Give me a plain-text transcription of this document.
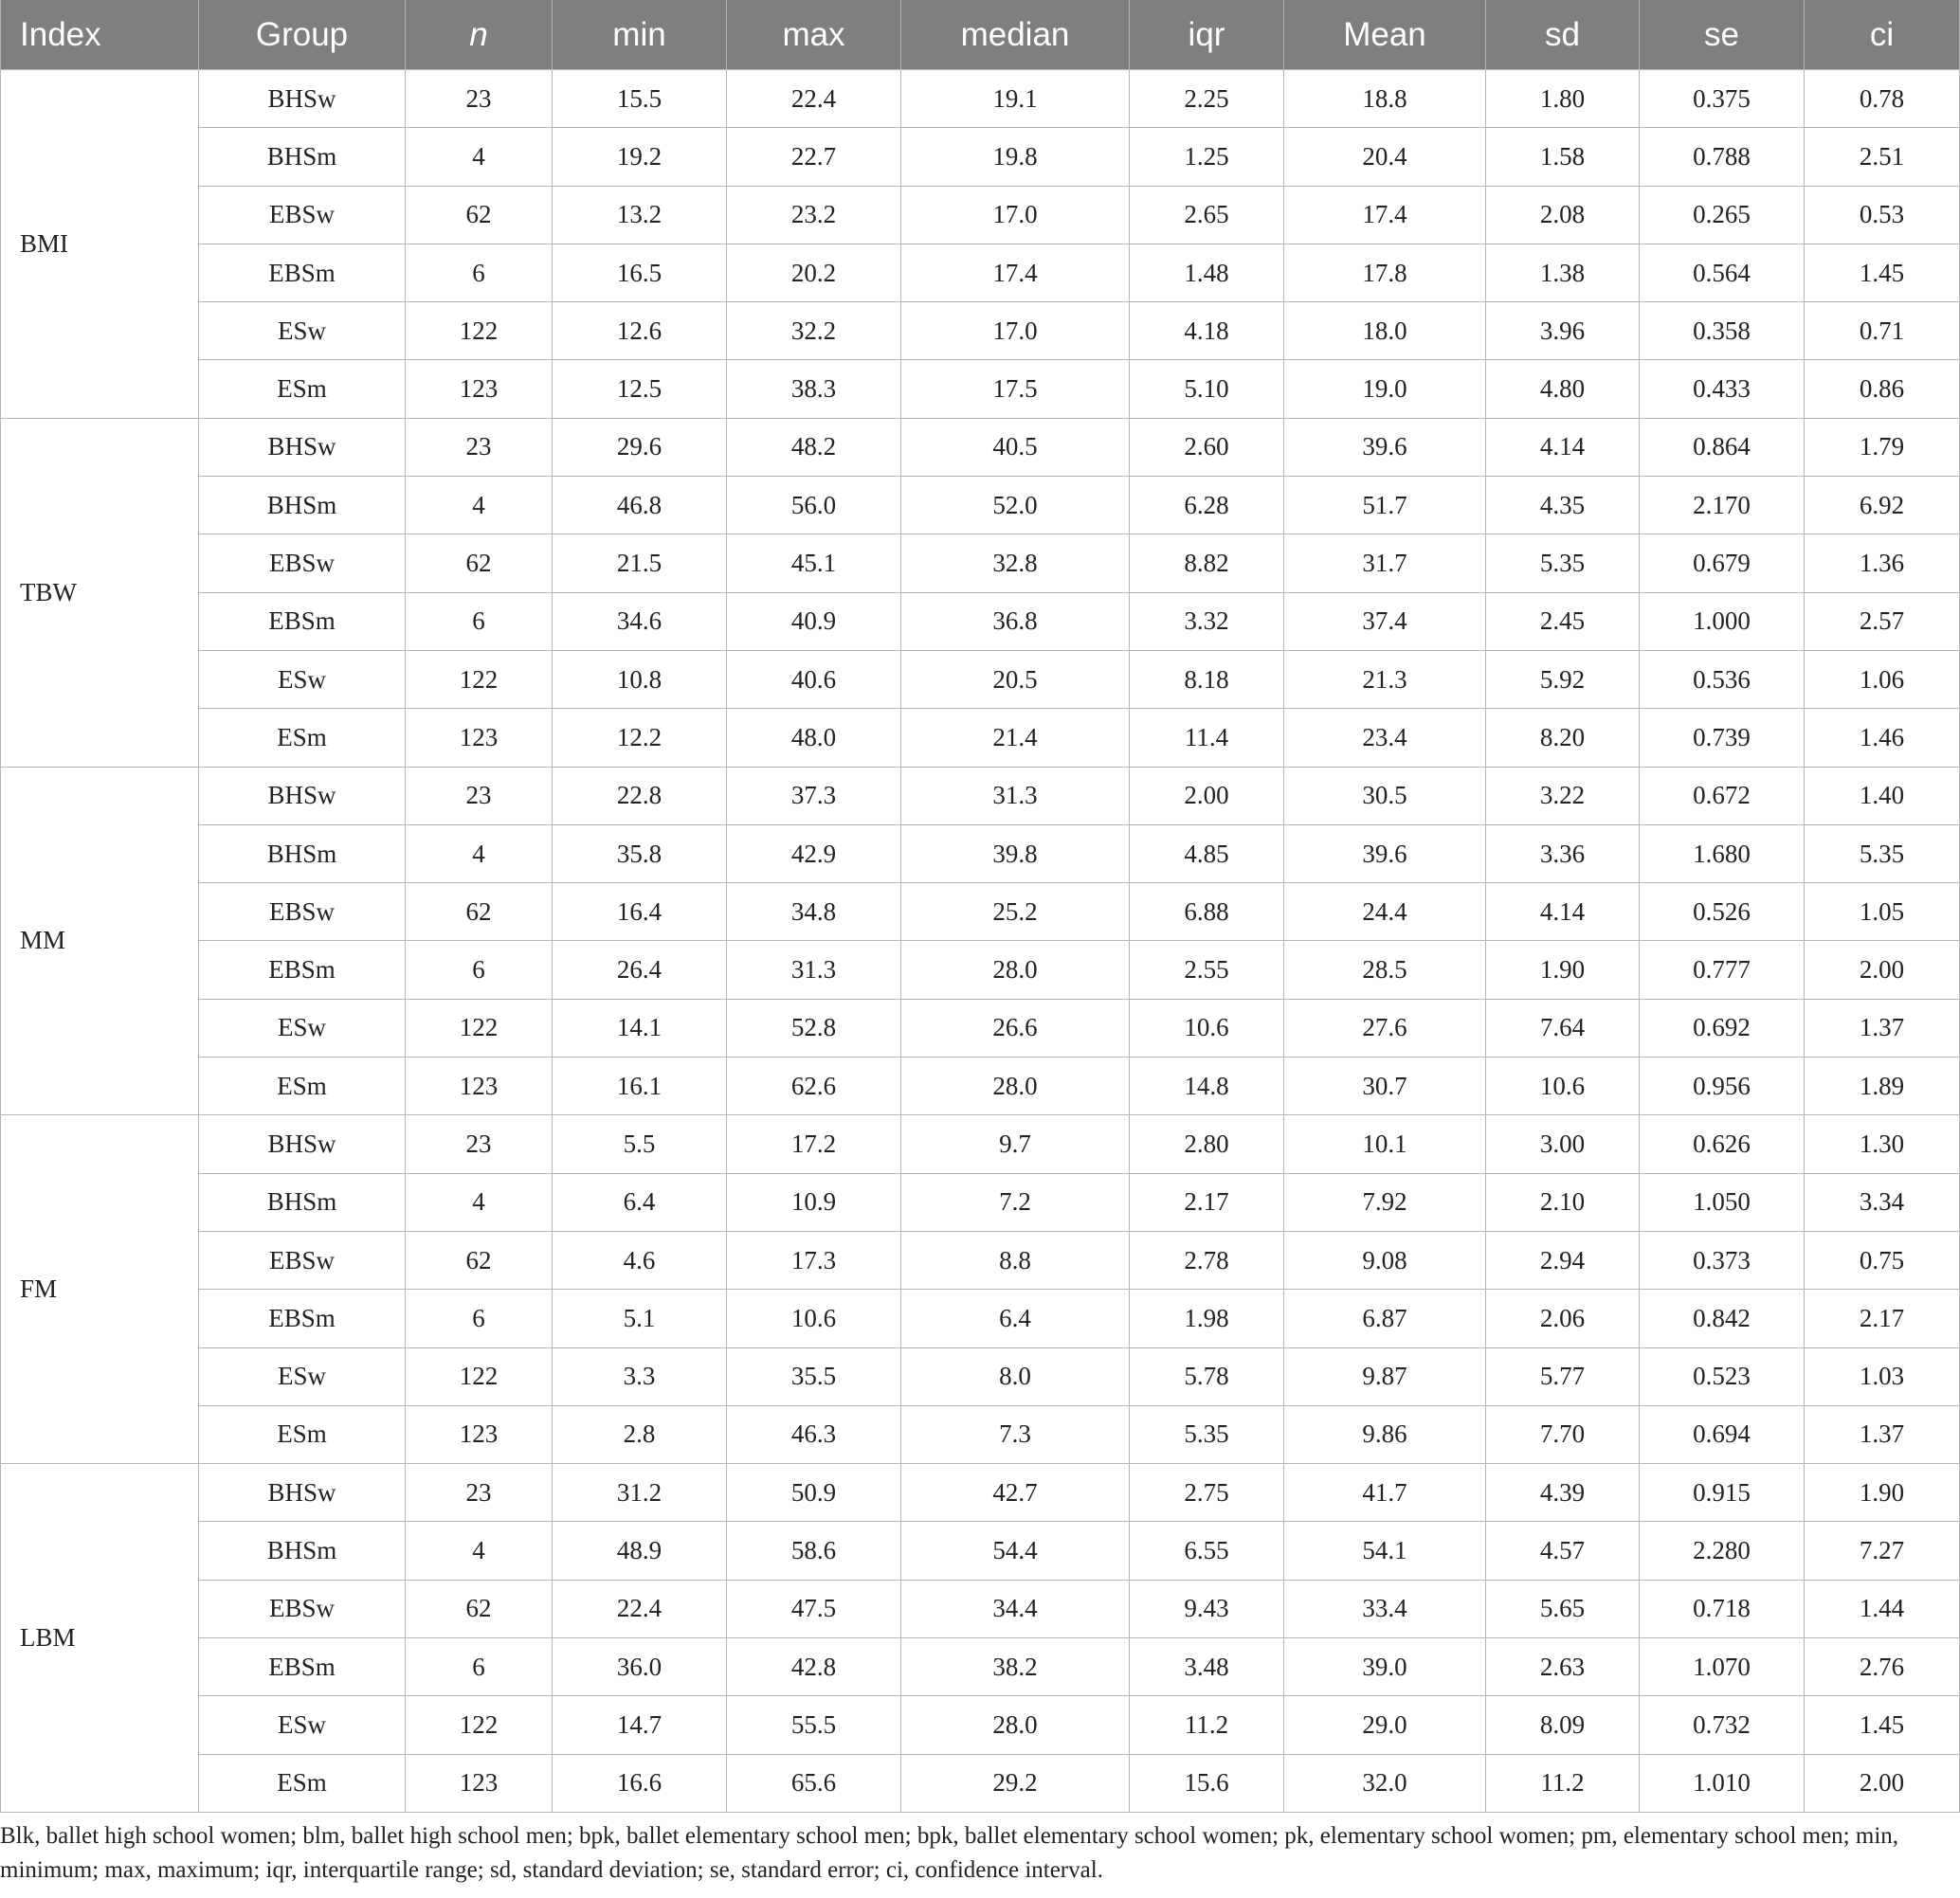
Index	Group	n	min	max	median	iqr	Mean	sd	se	ci
BMI	BHSw	23	15.5	22.4	19.1	2.25	18.8	1.80	0.375	0.78
	BHSm	4	19.2	22.7	19.8	1.25	20.4	1.58	0.788	2.51
	EBSw	62	13.2	23.2	17.0	2.65	17.4	2.08	0.265	0.53
	EBSm	6	16.5	20.2	17.4	1.48	17.8	1.38	0.564	1.45
	ESw	122	12.6	32.2	17.0	4.18	18.0	3.96	0.358	0.71
	ESm	123	12.5	38.3	17.5	5.10	19.0	4.80	0.433	0.86
TBW	BHSw	23	29.6	48.2	40.5	2.60	39.6	4.14	0.864	1.79
	BHSm	4	46.8	56.0	52.0	6.28	51.7	4.35	2.170	6.92
	EBSw	62	21.5	45.1	32.8	8.82	31.7	5.35	0.679	1.36
	EBSm	6	34.6	40.9	36.8	3.32	37.4	2.45	1.000	2.57
	ESw	122	10.8	40.6	20.5	8.18	21.3	5.92	0.536	1.06
	ESm	123	12.2	48.0	21.4	11.4	23.4	8.20	0.739	1.46
MM	BHSw	23	22.8	37.3	31.3	2.00	30.5	3.22	0.672	1.40
	BHSm	4	35.8	42.9	39.8	4.85	39.6	3.36	1.680	5.35
	EBSw	62	16.4	34.8	25.2	6.88	24.4	4.14	0.526	1.05
	EBSm	6	26.4	31.3	28.0	2.55	28.5	1.90	0.777	2.00
	ESw	122	14.1	52.8	26.6	10.6	27.6	7.64	0.692	1.37
	ESm	123	16.1	62.6	28.0	14.8	30.7	10.6	0.956	1.89
FM	BHSw	23	5.5	17.2	9.7	2.80	10.1	3.00	0.626	1.30
	BHSm	4	6.4	10.9	7.2	2.17	7.92	2.10	1.050	3.34
	EBSw	62	4.6	17.3	8.8	2.78	9.08	2.94	0.373	0.75
	EBSm	6	5.1	10.6	6.4	1.98	6.87	2.06	0.842	2.17
	ESw	122	3.3	35.5	8.0	5.78	9.87	5.77	0.523	1.03
	ESm	123	2.8	46.3	7.3	5.35	9.86	7.70	0.694	1.37
LBM	BHSw	23	31.2	50.9	42.7	2.75	41.7	4.39	0.915	1.90
	BHSm	4	48.9	58.6	54.4	6.55	54.1	4.57	2.280	7.27
	EBSw	62	22.4	47.5	34.4	9.43	33.4	5.65	0.718	1.44
	EBSm	6	36.0	42.8	38.2	3.48	39.0	2.63	1.070	2.76
	ESw	122	14.7	55.5	28.0	11.2	29.0	8.09	0.732	1.45
	ESm	123	16.6	65.6	29.2	15.6	32.0	11.2	1.010	2.00
Blk, ballet high school women; blm, ballet high school men; bpk, ballet elementary school men; bpk, ballet elementary school women; pk, elementary school women; pm, elementary school men; min, minimum; max, maximum; iqr, interquartile range; sd, standard deviation; se, standard error; ci, confidence interval.
